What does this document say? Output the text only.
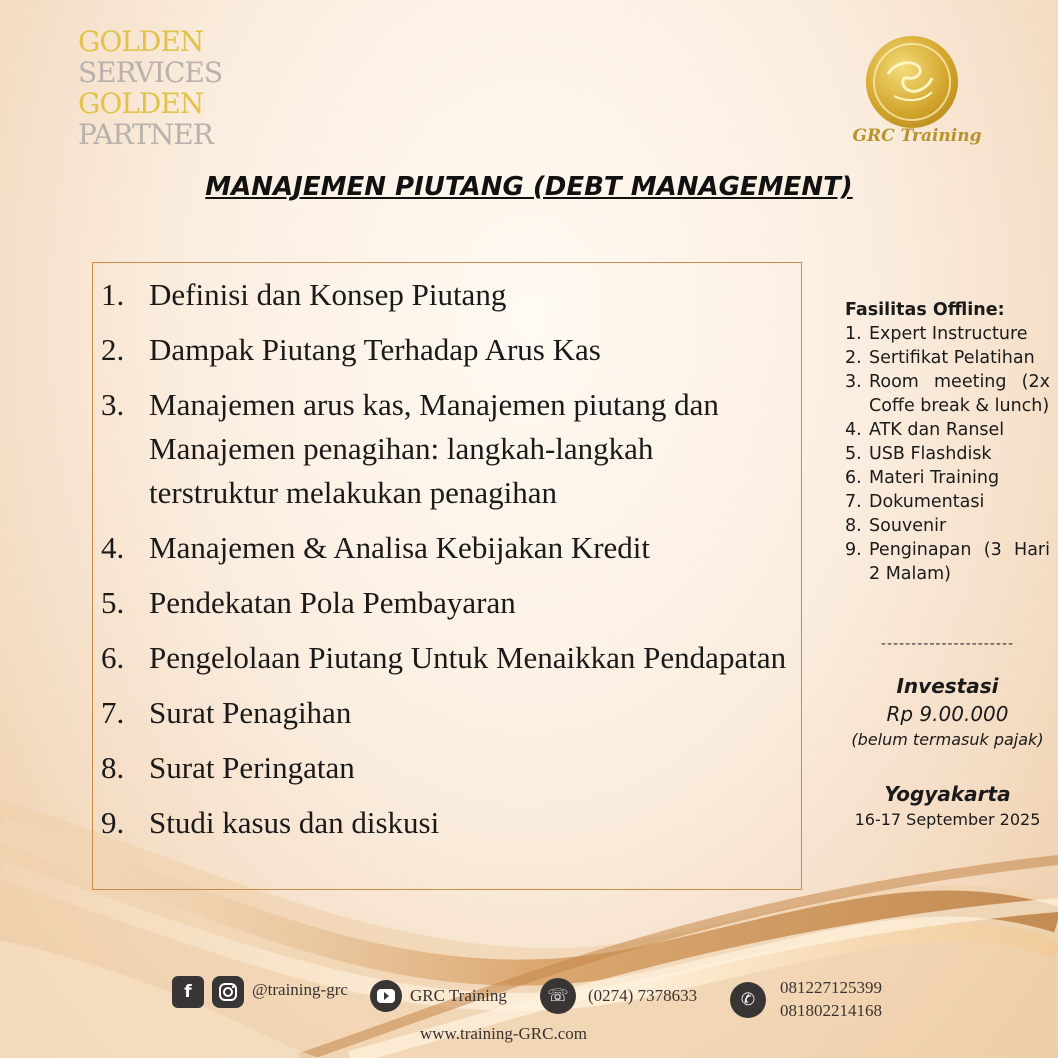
GOLDEN
SERVICES
GOLDEN
PARTNER	GRC Training
MANAJEMEN PIUTANG (DEBT MANAGEMENT)
1. Definisi dan Konsep Piutang
2. Dampak Piutang Terhadap Arus Kas
3. Manajemen arus kas, Manajemen piutang dan Manajemen penagihan: langkah-langkah terstruktur melakukan penagihan
4. Manajemen & Analisa Kebijakan Kredit
5. Pendekatan Pola Pembayaran
6. Pengelolaan Piutang Untuk Menaikkan Pendapatan
7. Surat Penagihan
8. Surat Peringatan
9. Studi kasus dan diskusi
Fasilitas Offline:
1. Expert Instructure
2. Sertifikat Pelatihan
3. Room meeting (2x Coffe break & lunch)
4. ATK dan Ransel
5. USB Flashdisk
6. Materi Training
7. Dokumentasi
8. Souvenir
9. Penginapan (3 Hari 2 Malam)
----------------------
Investasi
Rp 9.00.000
(belum termasuk pajak)
Yogyakarta
16-17 September 2025
f	@training-grc	GRC Training	☏	(0274) 7378633	✆
081227125399
081802214168
www.training-GRC.com
